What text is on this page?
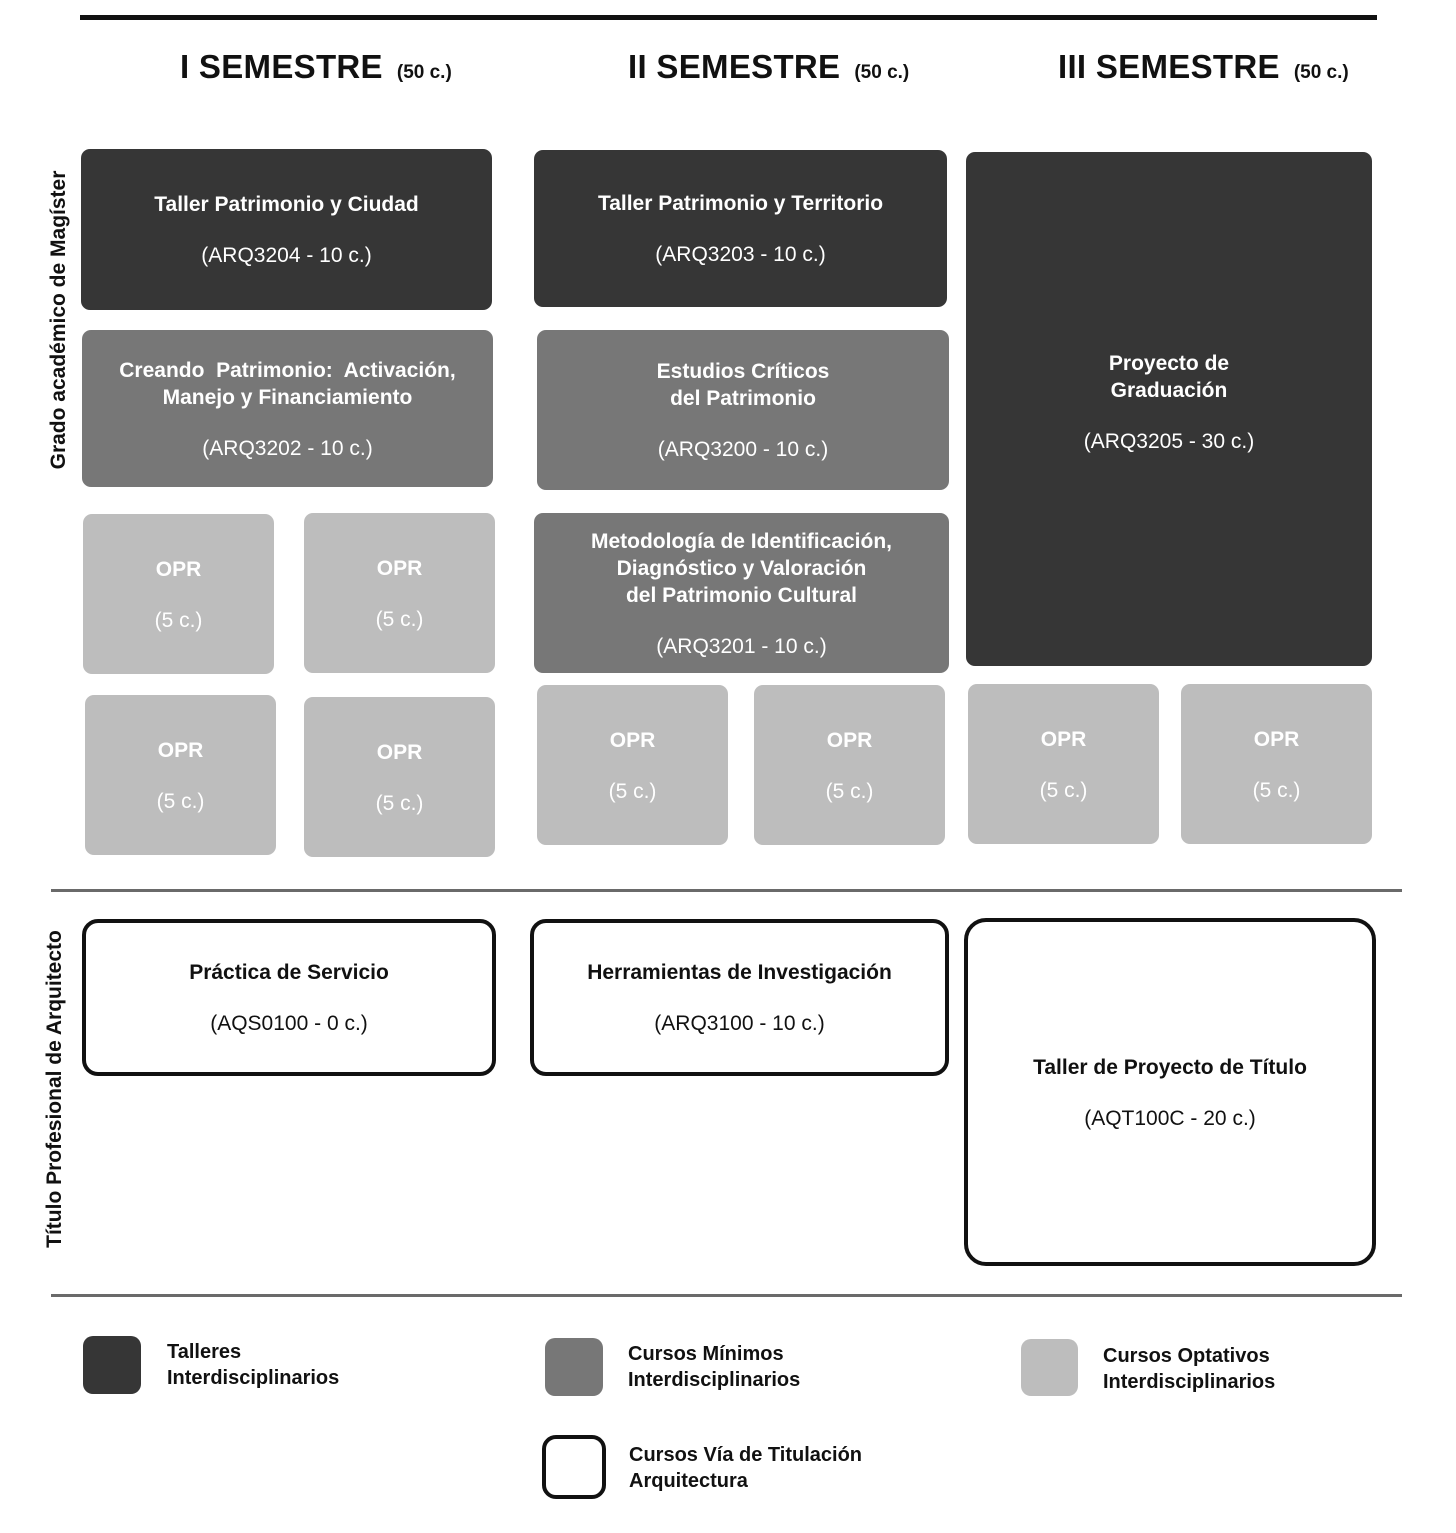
I SEMESTRE (50 c.)	II SEMESTRE (50 c.)	III SEMESTRE (50 c.)
Grado académico de Magíster
Título Profesional de Arquitecto
Taller Patrimonio y Ciudad
(ARQ3204 - 10 c.)
Creando  Patrimonio:  Activación,
Manejo y Financiamiento
(ARQ3202 - 10 c.)
OPR
(5 c.)
OPR
(5 c.)
OPR
(5 c.)
OPR
(5 c.)
Taller Patrimonio y Territorio
(ARQ3203 - 10 c.)
Estudios Críticos
del Patrimonio
(ARQ3200 - 10 c.)
Metodología de Identificación,
Diagnóstico y Valoración
del Patrimonio Cultural
(ARQ3201 - 10 c.)
OPR
(5 c.)
OPR
(5 c.)
Proyecto de
Graduación
(ARQ3205 - 30 c.)
OPR
(5 c.)
OPR
(5 c.)
Práctica de Servicio
(AQS0100 - 0 c.)
Herramientas de Investigación
(ARQ3100 - 10 c.)
Taller de Proyecto de Título
(AQT100C - 20 c.)
Talleres
Interdisciplinarios
Cursos Mínimos
Interdisciplinarios
Cursos Optativos
Interdisciplinarios
Cursos Vía de Titulación
Arquitectura
